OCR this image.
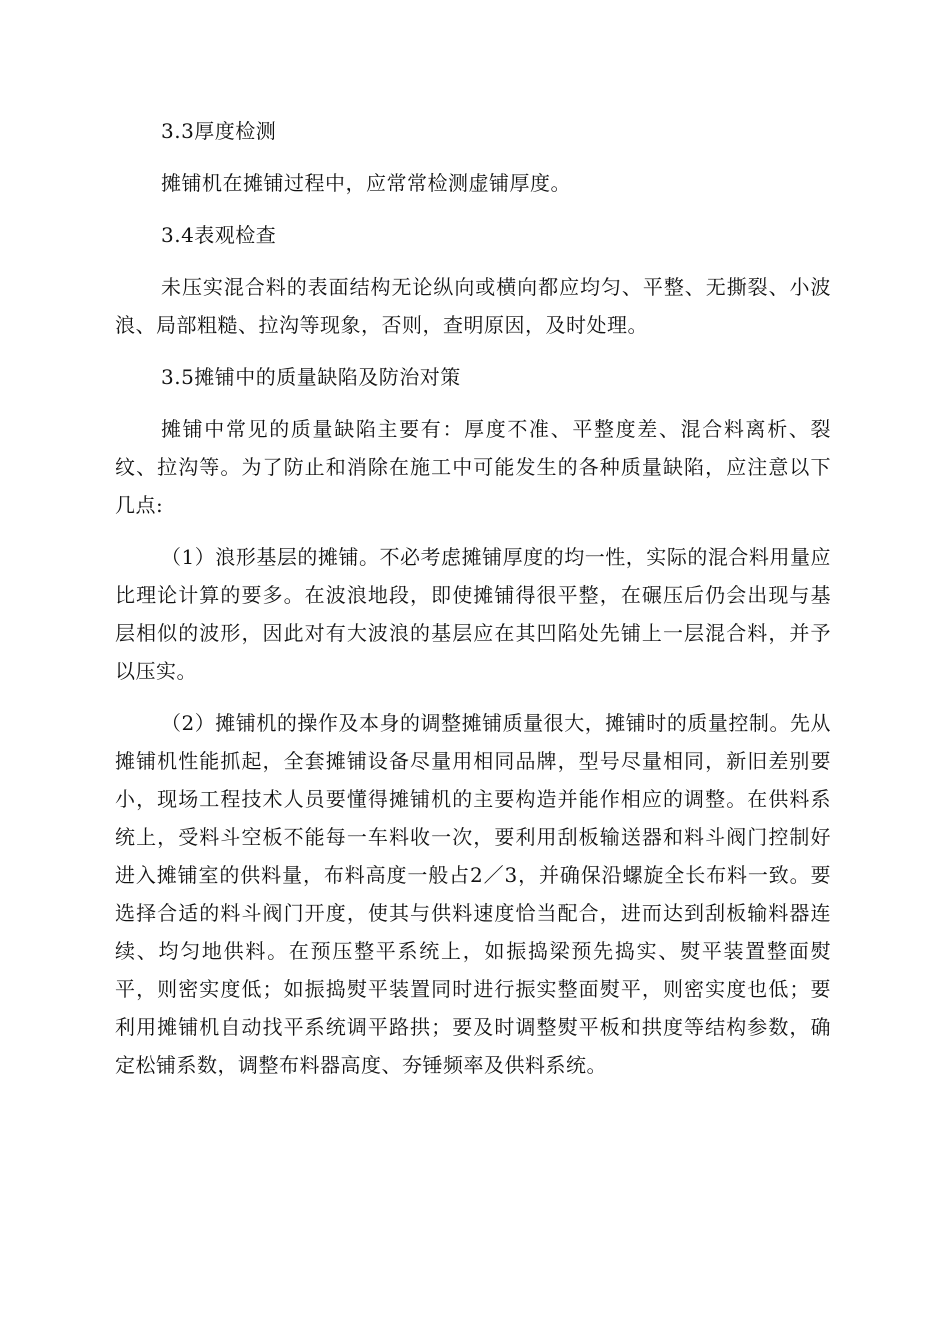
3.3厚度检测
摊铺机在摊铺过程中，应常常检测虚铺厚度。
3.4表观检查
未压实混合料的表面结构无论纵向或横向都应均匀、平整、无撕裂、小波浪、局部粗糙、拉沟等现象，否则，查明原因，及时处理。
3.5摊铺中的质量缺陷及防治对策
摊铺中常见的质量缺陷主要有：厚度不准、平整度差、混合料离析、裂纹、拉沟等。为了防止和消除在施工中可能发生的各种质量缺陷，应注意以下几点:
（1）浪形基层的摊铺。不必考虑摊铺厚度的均一性，实际的混合料用量应比理论计算的要多。在波浪地段，即使摊铺得很平整，在碾压后仍会出现与基层相似的波形，因此对有大波浪的基层应在其凹陷处先铺上一层混合料，并予以压实。
（2）摊铺机的操作及本身的调整摊铺质量很大，摊铺时的质量控制。先从摊铺机性能抓起，全套摊铺设备尽量用相同品牌，型号尽量相同，新旧差别要小，现场工程技术人员要懂得摊铺机的主要构造并能作相应的调整。在供料系统上，受料斗空板不能每一车料收一次，要利用刮板输送器和料斗阀门控制好进入摊铺室的供料量，布料高度一般占2／3，并确保沿螺旋全长布料一致。要选择合适的料斗阀门开度，使其与供料速度恰当配合，进而达到刮板输料器连续、均匀地供料。在预压整平系统上，如振捣梁预先捣实、熨平装置整面熨平，则密实度低；如振捣熨平装置同时进行振实整面熨平，则密实度也低；要利用摊铺机自动找平系统调平路拱；要及时调整熨平板和拱度等结构参数，确定松铺系数，调整布料器高度、夯锤频率及供料系统。
